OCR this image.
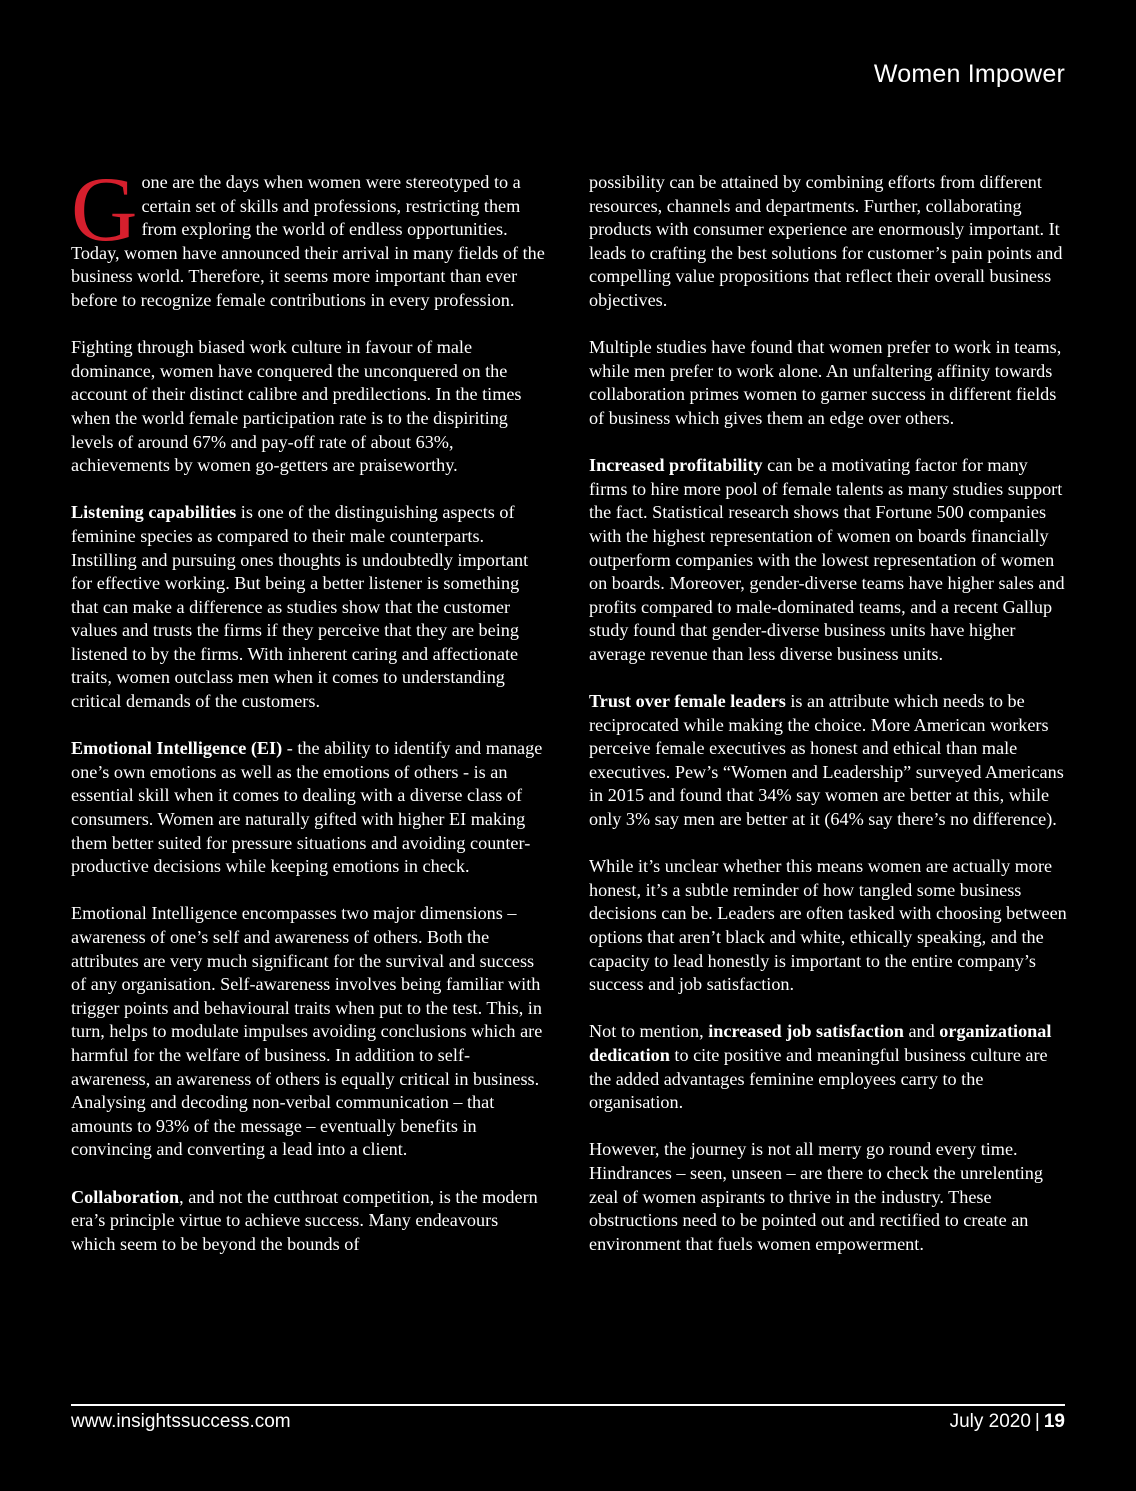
Women Impower

Gone are the days when women were stereotyped to a certain set of skills and professions, restricting them from exploring the world of endless opportunities. Today, women have announced their arrival in many fields of the business world. Therefore, it seems more important than ever before to recognize female contributions in every profession.

Fighting through biased work culture in favour of male dominance, women have conquered the unconquered on the account of their distinct calibre and predilections. In the times when the world female participation rate is to the dispiriting levels of around 67% and pay-off rate of about 63%, achievements by women go-getters are praiseworthy.

Listening capabilities is one of the distinguishing aspects of feminine species as compared to their male counterparts. Instilling and pursuing ones thoughts is undoubtedly important for effective working. But being a better listener is something that can make a difference as studies show that the customer values and trusts the firms if they perceive that they are being listened to by the firms. With inherent caring and affectionate traits, women outclass men when it comes to understanding critical demands of the customers.

Emotional Intelligence (EI) - the ability to identify and manage one’s own emotions as well as the emotions of others - is an essential skill when it comes to dealing with a diverse class of consumers. Women are naturally gifted with higher EI making them better suited for pressure situations and avoiding counter-productive decisions while keeping emotions in check.

Emotional Intelligence encompasses two major dimensions – awareness of one’s self and awareness of others. Both the attributes are very much significant for the survival and success of any organisation. Self-awareness involves being familiar with trigger points and behavioural traits when put to the test. This, in turn, helps to modulate impulses avoiding conclusions which are harmful for the welfare of business. In addition to self-awareness, an awareness of others is equally critical in business. Analysing and decoding non-verbal communication – that amounts to 93% of the message – eventually benefits in convincing and converting a lead into a client.

Collaboration, and not the cutthroat competition, is the modern era’s principle virtue to achieve success. Many endeavours which seem to be beyond the bounds of

possibility can be attained by combining efforts from different resources, channels and departments. Further, collaborating products with consumer experience are enormously important. It leads to crafting the best solutions for customer’s pain points and compelling value propositions that reflect their overall business objectives.

Multiple studies have found that women prefer to work in teams, while men prefer to work alone. An unfaltering affinity towards collaboration primes women to garner success in different fields of business which gives them an edge over others.

Increased profitability can be a motivating factor for many firms to hire more pool of female talents as many studies support the fact. Statistical research shows that Fortune 500 companies with the highest representation of women on boards financially outperform companies with the lowest representation of women on boards. Moreover, gender-diverse teams have higher sales and profits compared to male-dominated teams, and a recent Gallup study found that gender-diverse business units have higher average revenue than less diverse business units.

Trust over female leaders is an attribute which needs to be reciprocated while making the choice. More American workers perceive female executives as honest and ethical than male executives. Pew’s “Women and Leadership” surveyed Americans in 2015 and found that 34% say women are better at this, while only 3% say men are better at it (64% say there’s no difference).

While it’s unclear whether this means women are actually more honest, it’s a subtle reminder of how tangled some business decisions can be. Leaders are often tasked with choosing between options that aren’t black and white, ethically speaking, and the capacity to lead honestly is important to the entire company’s success and job satisfaction.

Not to mention, increased job satisfaction and organizational dedication to cite positive and meaningful business culture are the added advantages feminine employees carry to the organisation.

However, the journey is not all merry go round every time. Hindrances – seen, unseen – are there to check the unrelenting zeal of women aspirants to thrive in the industry. These obstructions need to be pointed out and rectified to create an environment that fuels women empowerment.

www.insightssuccess.com	July 2020 | 19
